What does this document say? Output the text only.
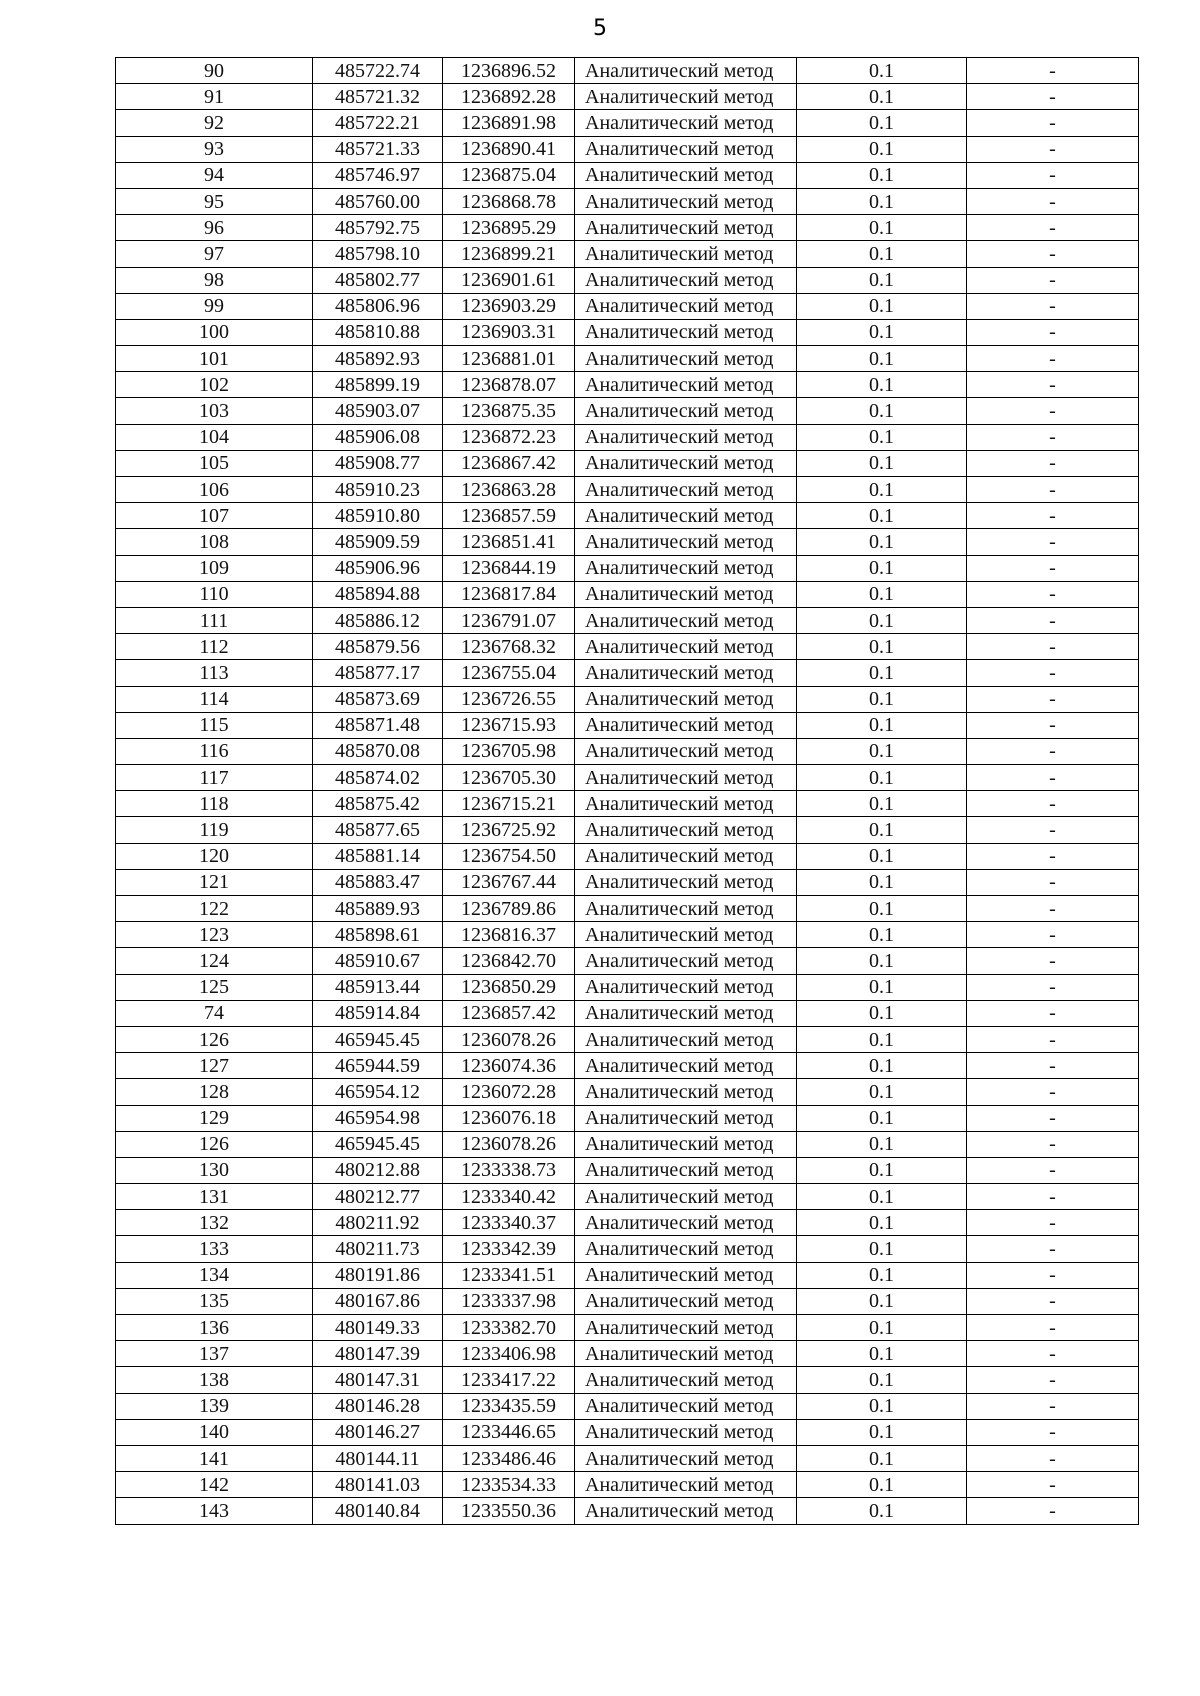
5
90	485722.74	1236896.52	Аналитический метод	0.1	-
91	485721.32	1236892.28	Аналитический метод	0.1	-
92	485722.21	1236891.98	Аналитический метод	0.1	-
93	485721.33	1236890.41	Аналитический метод	0.1	-
94	485746.97	1236875.04	Аналитический метод	0.1	-
95	485760.00	1236868.78	Аналитический метод	0.1	-
96	485792.75	1236895.29	Аналитический метод	0.1	-
97	485798.10	1236899.21	Аналитический метод	0.1	-
98	485802.77	1236901.61	Аналитический метод	0.1	-
99	485806.96	1236903.29	Аналитический метод	0.1	-
100	485810.88	1236903.31	Аналитический метод	0.1	-
101	485892.93	1236881.01	Аналитический метод	0.1	-
102	485899.19	1236878.07	Аналитический метод	0.1	-
103	485903.07	1236875.35	Аналитический метод	0.1	-
104	485906.08	1236872.23	Аналитический метод	0.1	-
105	485908.77	1236867.42	Аналитический метод	0.1	-
106	485910.23	1236863.28	Аналитический метод	0.1	-
107	485910.80	1236857.59	Аналитический метод	0.1	-
108	485909.59	1236851.41	Аналитический метод	0.1	-
109	485906.96	1236844.19	Аналитический метод	0.1	-
110	485894.88	1236817.84	Аналитический метод	0.1	-
111	485886.12	1236791.07	Аналитический метод	0.1	-
112	485879.56	1236768.32	Аналитический метод	0.1	-
113	485877.17	1236755.04	Аналитический метод	0.1	-
114	485873.69	1236726.55	Аналитический метод	0.1	-
115	485871.48	1236715.93	Аналитический метод	0.1	-
116	485870.08	1236705.98	Аналитический метод	0.1	-
117	485874.02	1236705.30	Аналитический метод	0.1	-
118	485875.42	1236715.21	Аналитический метод	0.1	-
119	485877.65	1236725.92	Аналитический метод	0.1	-
120	485881.14	1236754.50	Аналитический метод	0.1	-
121	485883.47	1236767.44	Аналитический метод	0.1	-
122	485889.93	1236789.86	Аналитический метод	0.1	-
123	485898.61	1236816.37	Аналитический метод	0.1	-
124	485910.67	1236842.70	Аналитический метод	0.1	-
125	485913.44	1236850.29	Аналитический метод	0.1	-
74	485914.84	1236857.42	Аналитический метод	0.1	-
126	465945.45	1236078.26	Аналитический метод	0.1	-
127	465944.59	1236074.36	Аналитический метод	0.1	-
128	465954.12	1236072.28	Аналитический метод	0.1	-
129	465954.98	1236076.18	Аналитический метод	0.1	-
126	465945.45	1236078.26	Аналитический метод	0.1	-
130	480212.88	1233338.73	Аналитический метод	0.1	-
131	480212.77	1233340.42	Аналитический метод	0.1	-
132	480211.92	1233340.37	Аналитический метод	0.1	-
133	480211.73	1233342.39	Аналитический метод	0.1	-
134	480191.86	1233341.51	Аналитический метод	0.1	-
135	480167.86	1233337.98	Аналитический метод	0.1	-
136	480149.33	1233382.70	Аналитический метод	0.1	-
137	480147.39	1233406.98	Аналитический метод	0.1	-
138	480147.31	1233417.22	Аналитический метод	0.1	-
139	480146.28	1233435.59	Аналитический метод	0.1	-
140	480146.27	1233446.65	Аналитический метод	0.1	-
141	480144.11	1233486.46	Аналитический метод	0.1	-
142	480141.03	1233534.33	Аналитический метод	0.1	-
143	480140.84	1233550.36	Аналитический метод	0.1	-
